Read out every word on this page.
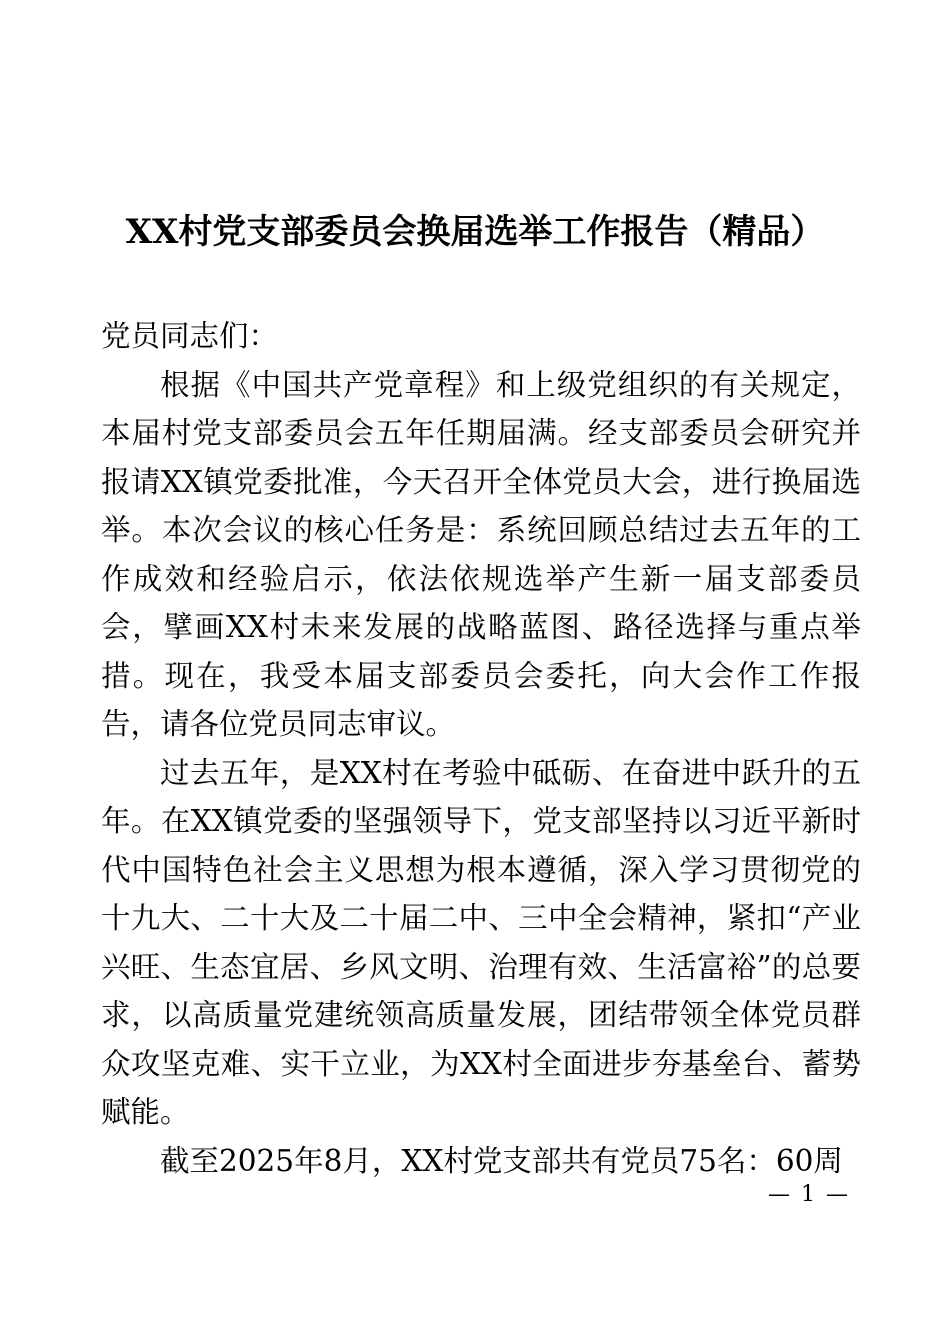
XX村党支部委员会换届选举工作报告（精品）

党员同志们：

根据《中国共产党章程》和上级党组织的有关规定，本届村党支部委员会五年任期届满。经支部委员会研究并报请XX镇党委批准，今天召开全体党员大会，进行换届选举。本次会议的核心任务是：系统回顾总结过去五年的工作成效和经验启示，依法依规选举产生新一届支部委员会，擘画XX村未来发展的战略蓝图、路径选择与重点举措。现在，我受本届支部委员会委托，向大会作工作报告，请各位党员同志审议。

过去五年，是XX村在考验中砥砺、在奋进中跃升的五年。在XX镇党委的坚强领导下，党支部坚持以习近平新时代中国特色社会主义思想为根本遵循，深入学习贯彻党的十九大、二十大及二十届二中、三中全会精神，紧扣“产业兴旺、生态宜居、乡风文明、治理有效、生活富裕”的总要求，以高质量党建统领高质量发展，团结带领全体党员群众攻坚克难、实干立业，为XX村全面进步夯基垒台、蓄势赋能。

截至2025年8月，XX村党支部共有党员75名：60周

— 1 —
